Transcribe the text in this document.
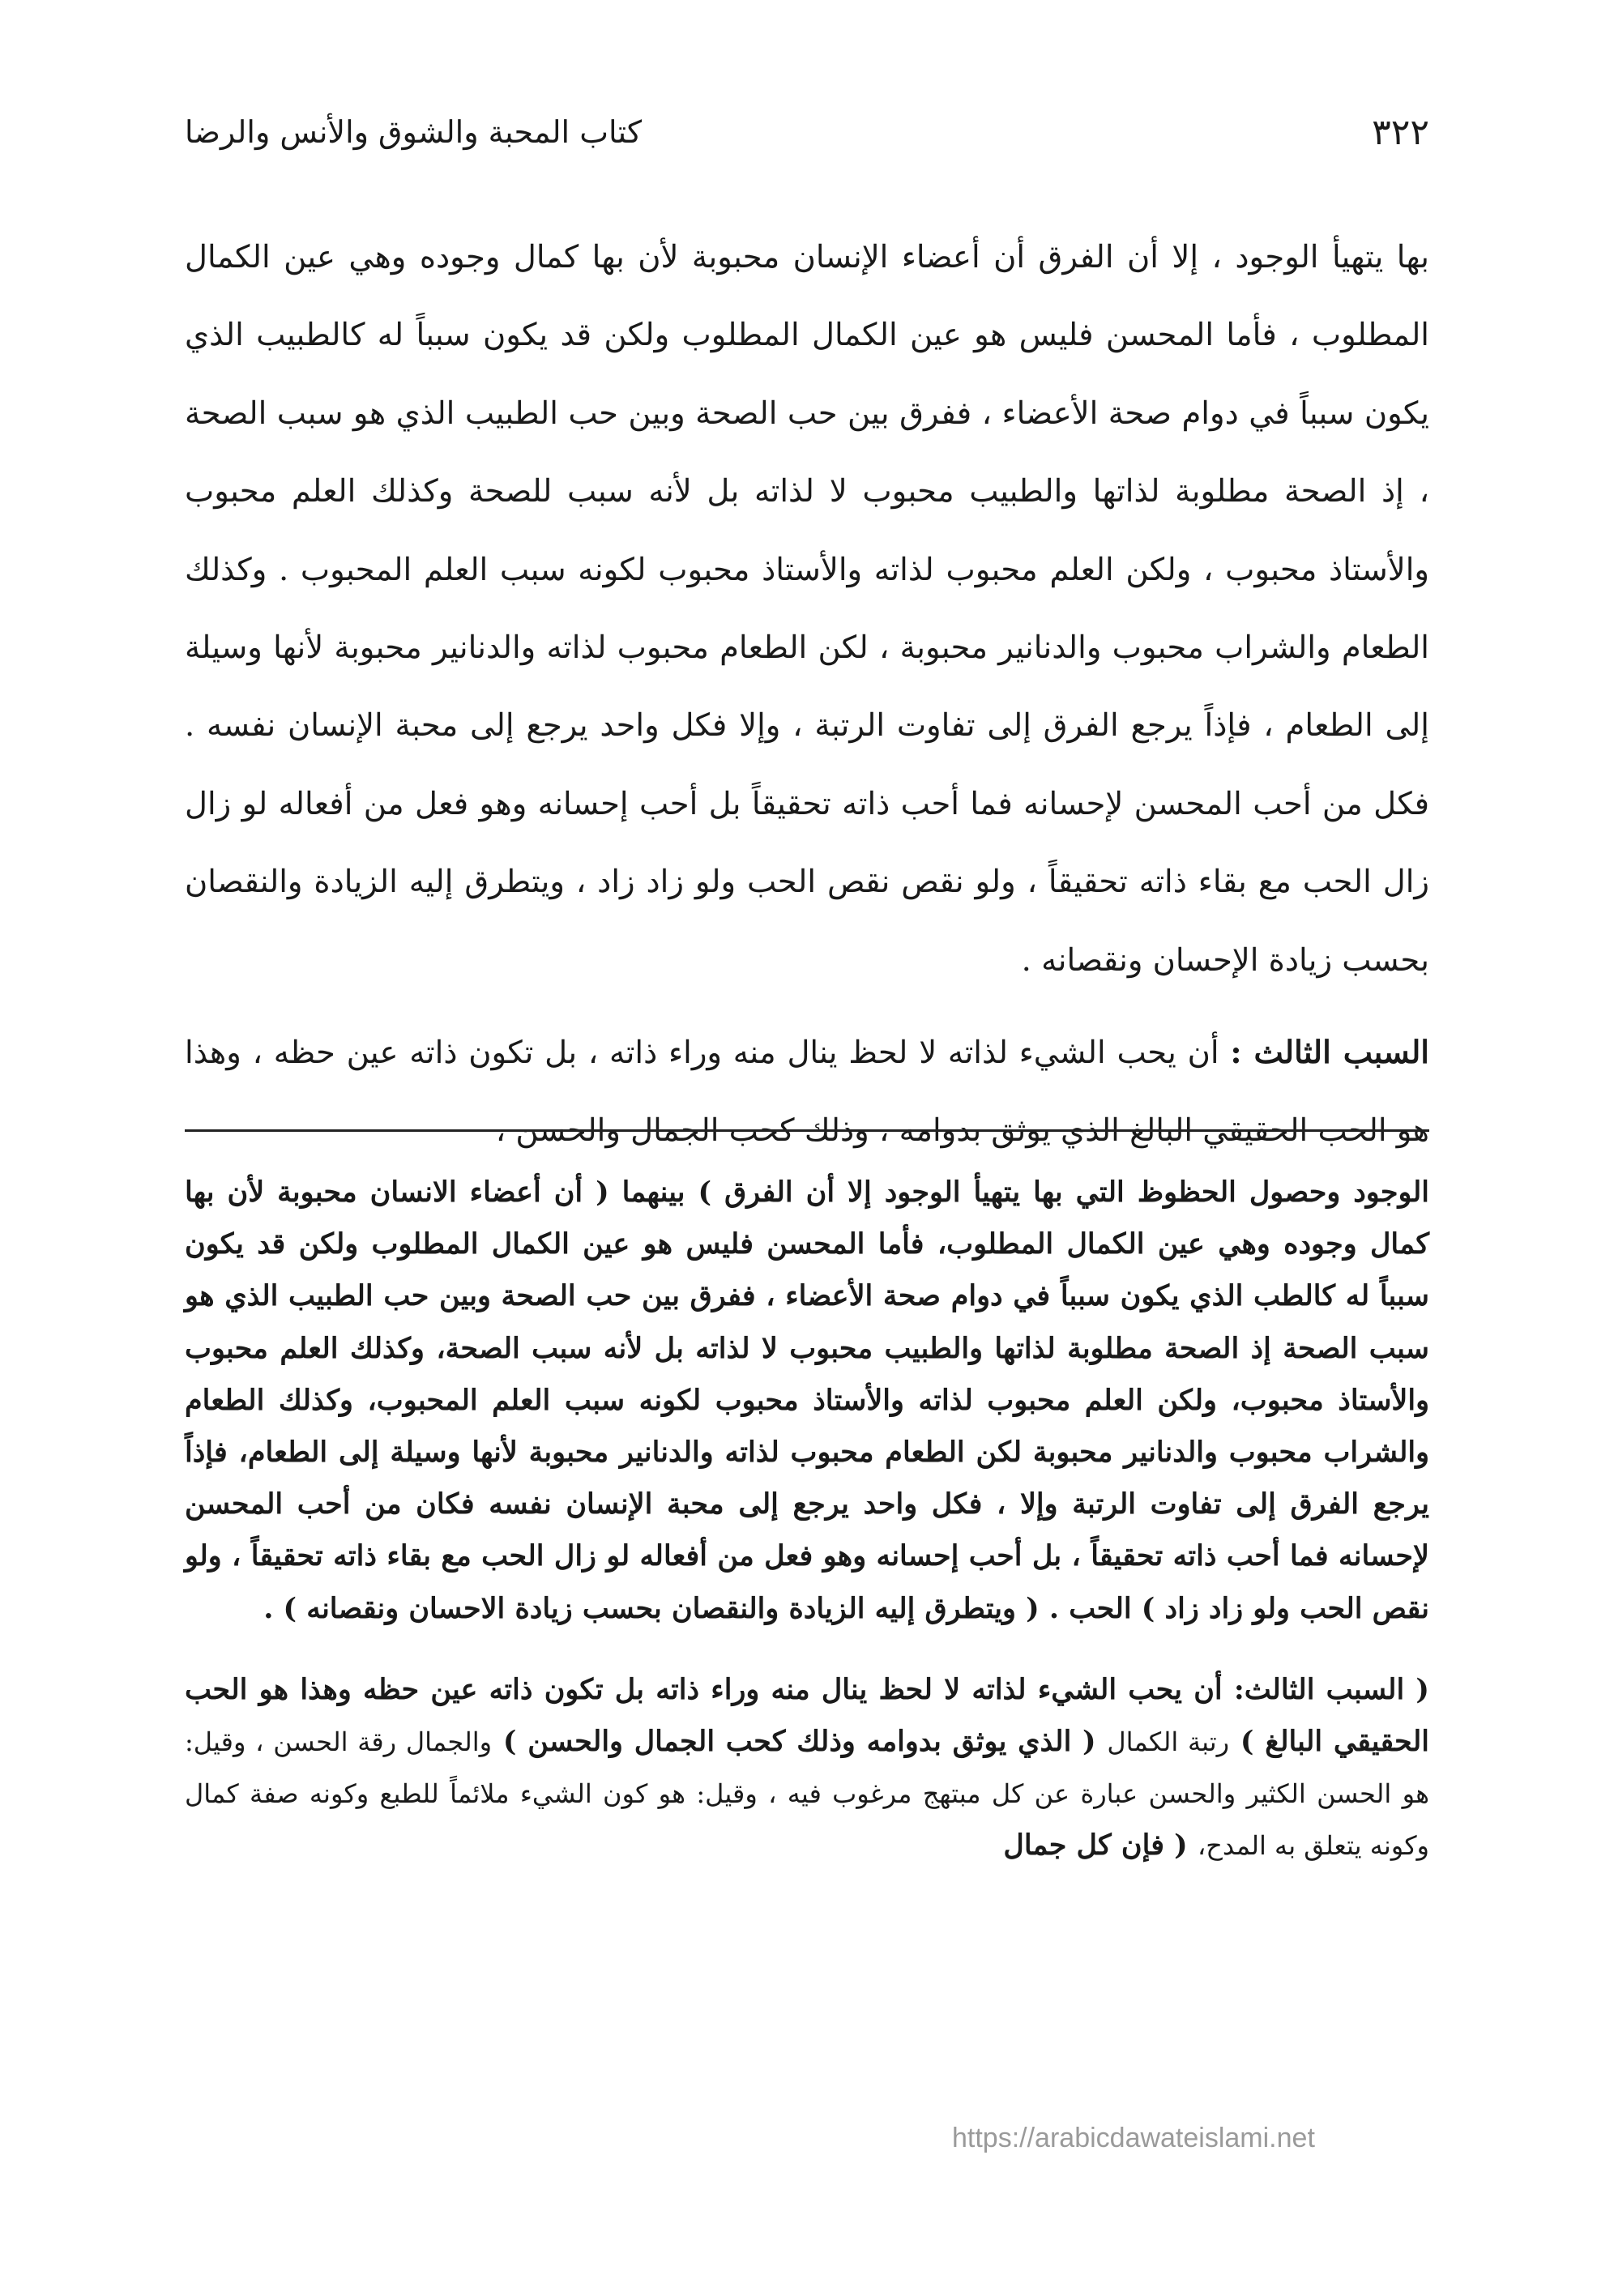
٣٢٢
كتاب المحبة والشوق والأنس والرضا

بها يتهيأ الوجود ، إلا أن الفرق أن أعضاء الإنسان محبوبة لأن بها كمال وجوده وهي عين الكمال المطلوب ، فأما المحسن فليس هو عين الكمال المطلوب ولكن قد يكون سبباً له كالطبيب الذي يكون سبباً في دوام صحة الأعضاء ، ففرق بين حب الصحة وبين حب الطبيب الذي هو سبب الصحة ، إذ الصحة مطلوبة لذاتها والطبيب محبوب لا لذاته بل لأنه سبب للصحة وكذلك العلم محبوب والأستاذ محبوب ، ولكن العلم محبوب لذاته والأستاذ محبوب لكونه سبب العلم المحبوب . وكذلك الطعام والشراب محبوب والدنانير محبوبة ، لكن الطعام محبوب لذاته والدنانير محبوبة لأنها وسيلة إلى الطعام ، فإذاً يرجع الفرق إلى تفاوت الرتبة ، وإلا فكل واحد يرجع إلى محبة الإنسان نفسه . فكل من أحب المحسن لإحسانه فما أحب ذاته تحقيقاً بل أحب إحسانه وهو فعل من أفعاله لو زال زال الحب مع بقاء ذاته تحقيقاً ، ولو نقص نقص الحب ولو زاد زاد ، ويتطرق إليه الزيادة والنقصان بحسب زيادة الإحسان ونقصانه .

السبب الثالث : أن يحب الشيء لذاته لا لحظ ينال منه وراء ذاته ، بل تكون ذاته عين حظه ، وهذا هو الحب الحقيقي البالغ الذي يوثق بدوامه ، وذلك كحب الجمال والحسن ،

الوجود وحصول الحظوظ التي بها يتهيأ الوجود إلا أن الفرق ) بينهما ( أن أعضاء الانسان محبوبة لأن بها كمال وجوده وهي عين الكمال المطلوب، فأما المحسن فليس هو عين الكمال المطلوب ولكن قد يكون سبباً له كالطب الذي يكون سبباً في دوام صحة الأعضاء ، ففرق بين حب الصحة وبين حب الطبيب الذي هو سبب الصحة إذ الصحة مطلوبة لذاتها والطبيب محبوب لا لذاته بل لأنه سبب الصحة، وكذلك العلم محبوب والأستاذ محبوب، ولكن العلم محبوب لذاته والأستاذ محبوب لكونه سبب العلم المحبوب، وكذلك الطعام والشراب محبوب والدنانير محبوبة لكن الطعام محبوب لذاته والدنانير محبوبة لأنها وسيلة إلى الطعام، فإذاً يرجع الفرق إلى تفاوت الرتبة وإلا ، فكل واحد يرجع إلى محبة الإنسان نفسه فكان من أحب المحسن لإحسانه فما أحب ذاته تحقيقاً ، بل أحب إحسانه وهو فعل من أفعاله لو زال الحب مع بقاء ذاته تحقيقاً ، ولو نقص الحب ولو زاد زاد ) الحب . ( ويتطرق إليه الزيادة والنقصان بحسب زيادة الاحسان ونقصانه ) .

( السبب الثالث: أن يحب الشيء لذاته لا لحظ ينال منه وراء ذاته بل تكون ذاته عين حظه وهذا هو الحب الحقيقي البالغ ) رتبة الكمال ( الذي يوثق بدوامه وذلك كحب الجمال والحسن ) والجمال رقة الحسن ، وقيل: هو الحسن الكثير والحسن عبارة عن كل مبتهج مرغوب فيه ، وقيل: هو كون الشيء ملائماً للطبع وكونه صفة كمال وكونه يتعلق به المدح، ( فإن كل جمال

https://arabicdawateislami.net
